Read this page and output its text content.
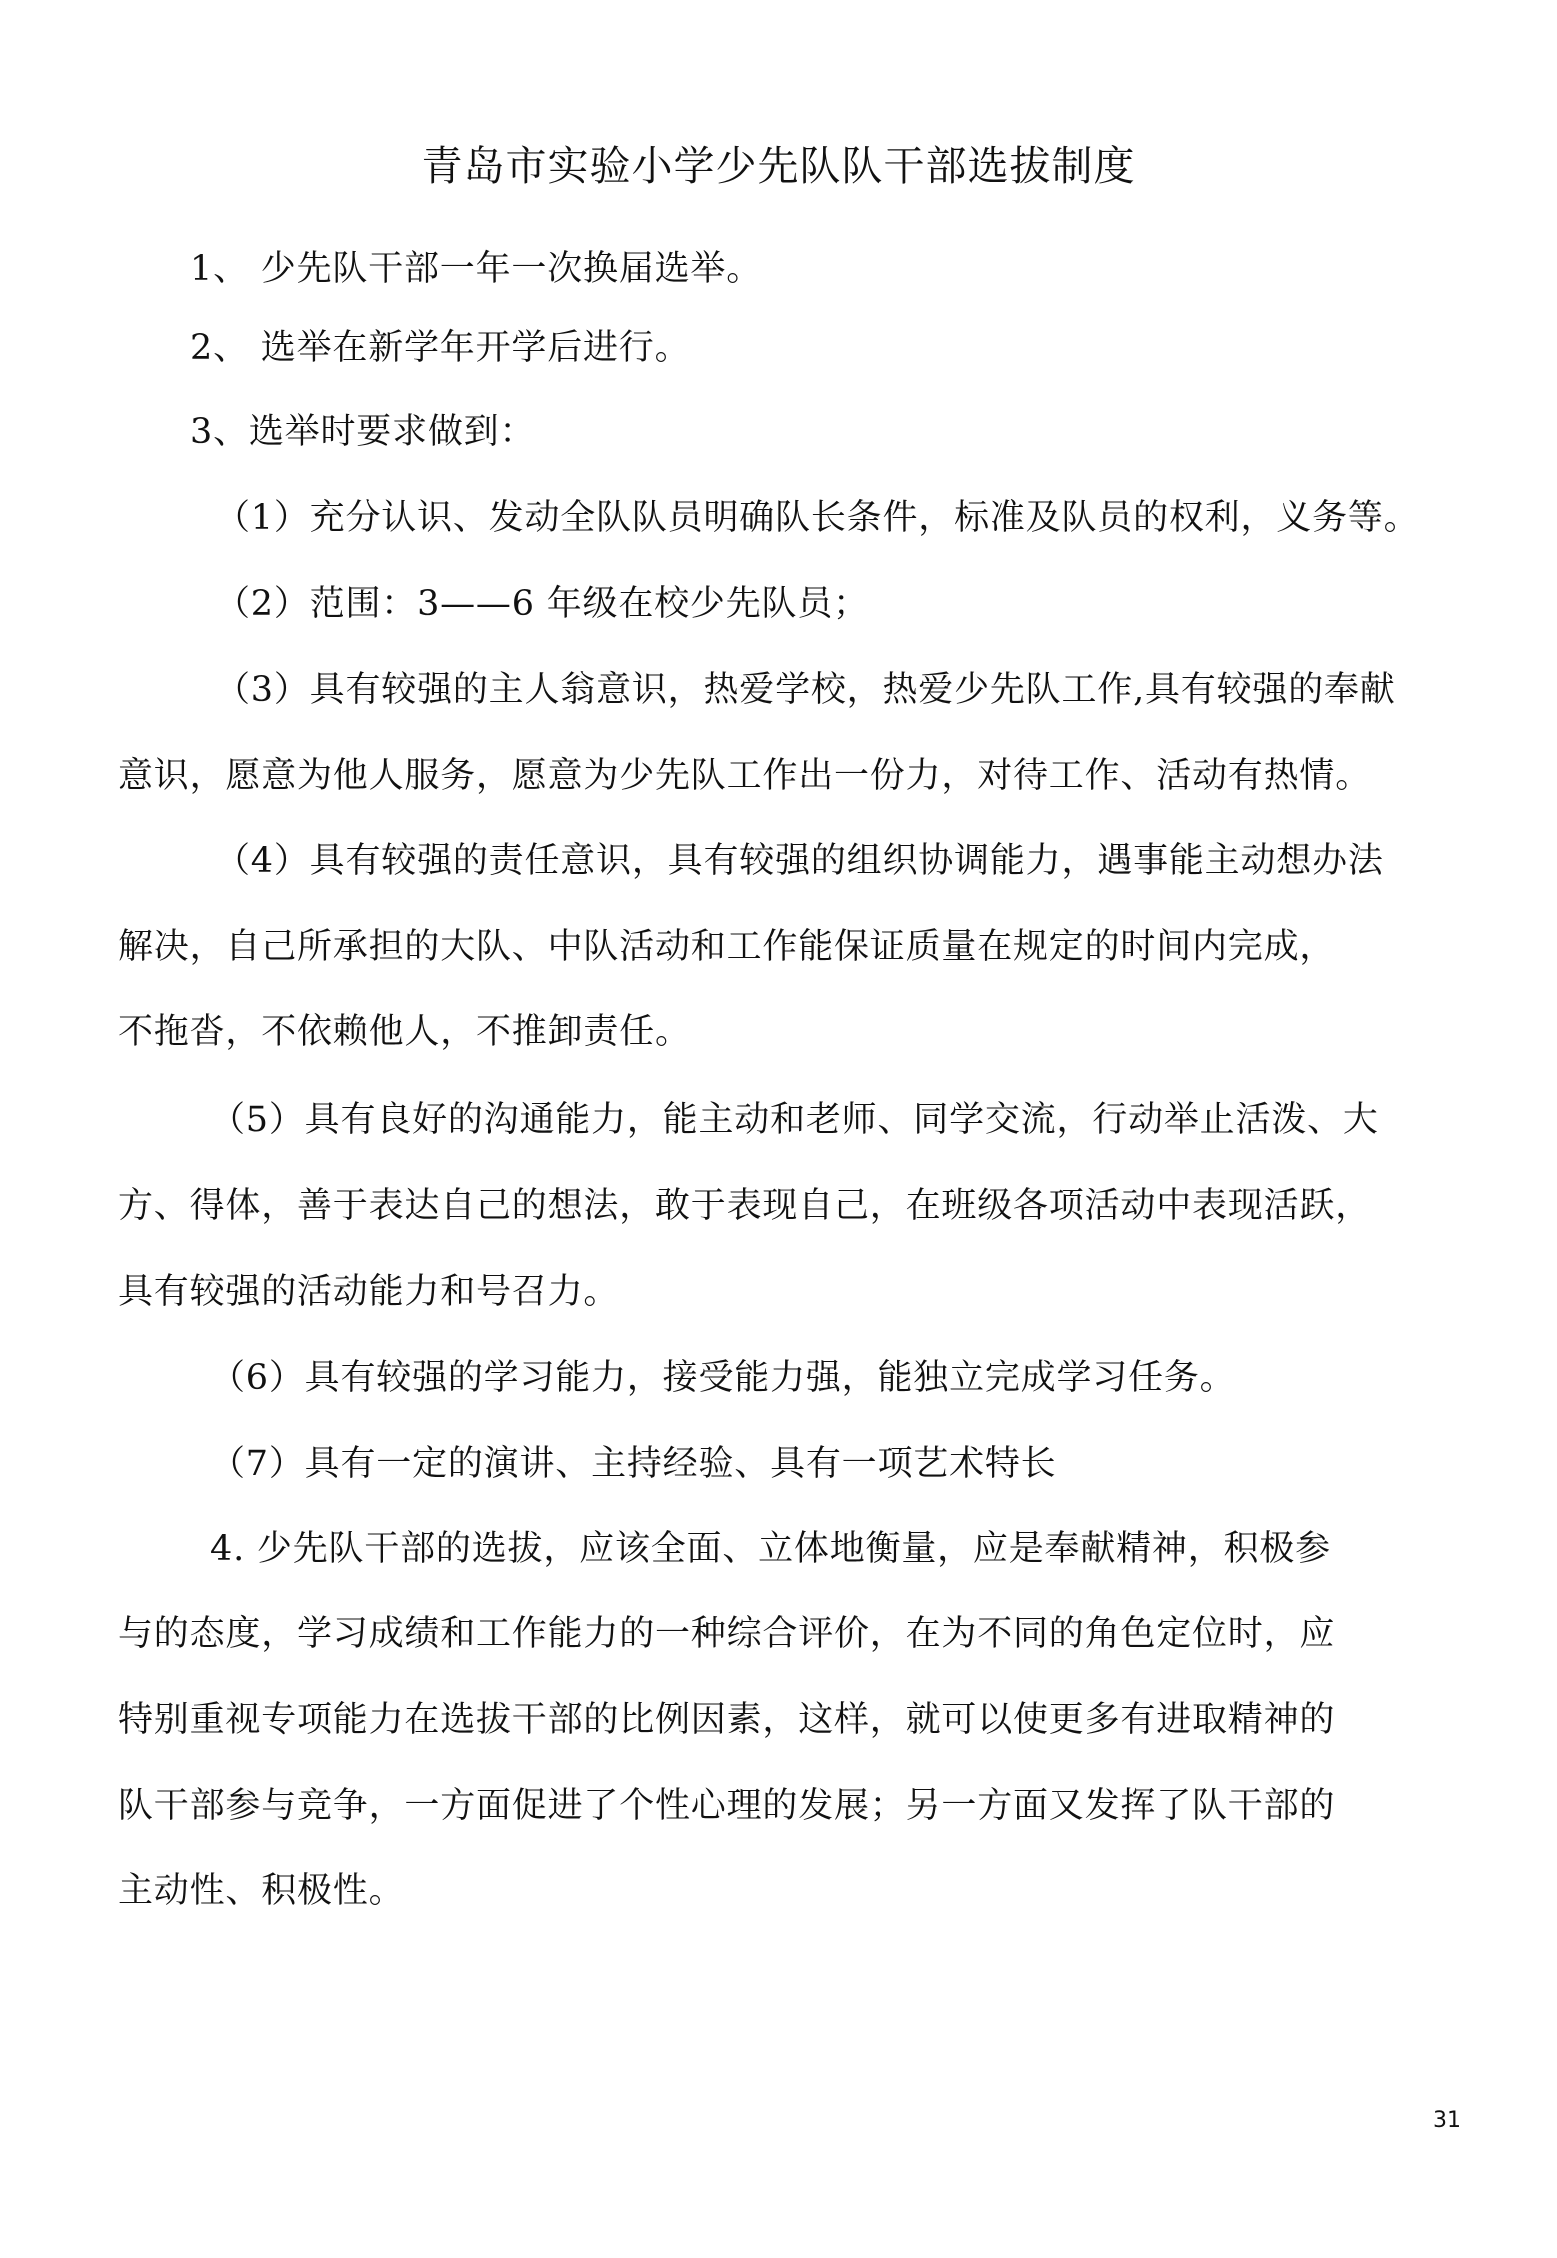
青岛市实验小学少先队队干部选拔制度
1、 少先队干部一年一次换届选举。
2、 选举在新学年开学后进行。
3、选举时要求做到：
（1）充分认识、发动全队队员明确队长条件，标准及队员的权利，义务等。
（2）范围：3——6 年级在校少先队员；
（3）具有较强的主人翁意识，热爱学校，热爱少先队工作,具有较强的奉献
意识，愿意为他人服务，愿意为少先队工作出一份力，对待工作、活动有热情。
（4）具有较强的责任意识，具有较强的组织协调能力，遇事能主动想办法
解决，自己所承担的大队、中队活动和工作能保证质量在规定的时间内完成，
不拖沓，不依赖他人，不推卸责任。
（5）具有良好的沟通能力，能主动和老师、同学交流，行动举止活泼、大
方、得体，善于表达自己的想法，敢于表现自己，在班级各项活动中表现活跃，
具有较强的活动能力和号召力。
（6）具有较强的学习能力，接受能力强，能独立完成学习任务。
（7）具有一定的演讲、主持经验、具有一项艺术特长
4. 少先队干部的选拔，应该全面、立体地衡量，应是奉献精神，积极参
与的态度，学习成绩和工作能力的一种综合评价，在为不同的角色定位时，应
特别重视专项能力在选拔干部的比例因素，这样，就可以使更多有进取精神的
队干部参与竞争，一方面促进了个性心理的发展；另一方面又发挥了队干部的
主动性、积极性。
31
